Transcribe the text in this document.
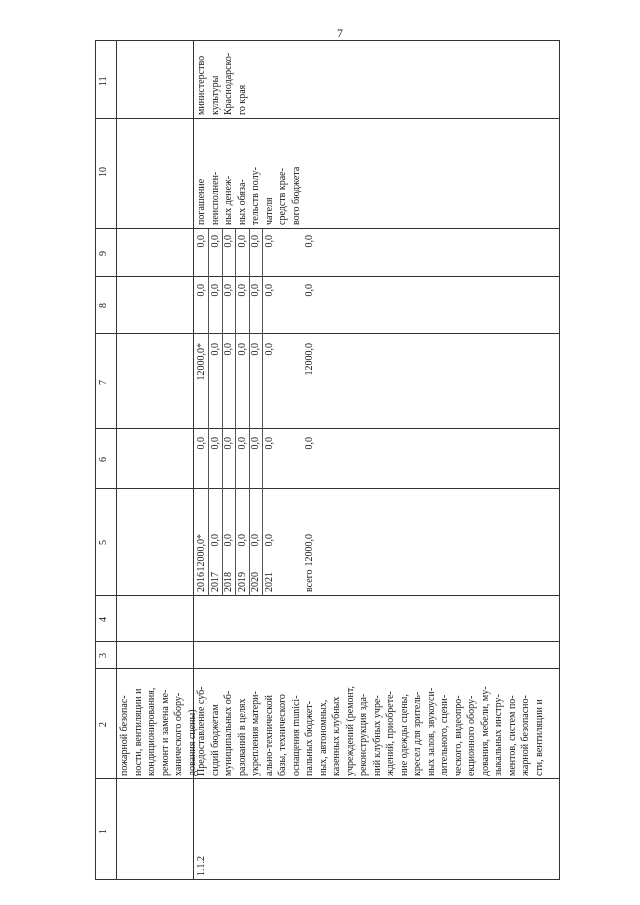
7
1
2
3
4
5
6
7
8
9
10
11
пожарной безопас- ности, вентиляции и кондиционирования, ремонт и замена ме- ханического обору- дования сцены)
1.1.2
Предоставление суб- сидий бюджетам муниципальных об- разований в целях укрепления матери- ально-технической базы, технического оснащения munici- пальных бюджет- ных, автономных, казенных клубных учреждений (ремонт, реконструкция зда- ний клубных учре- ждений, приобрете- ние одежды сцены, кресел для зритель- ных залов, звукоуси- лительного, сцени- ческого, видеопро- екционного обору- дования, мебели, му- зыкальных инстру- ментов, систем по- жарной безопасно- сти, вентиляции и
2016 2017 2018 2019 2020 2021
12000,0* 0,0 0,0 0,0 0,0 0,0
0,0 0,0 0,0 0,0 0,0 0,0
12000,0* 0,0 0,0 0,0 0,0 0,0
0,0 0,0 0,0 0,0 0,0 0,0
0,0 0,0 0,0 0,0 0,0 0,0
всего
12000,0
0,0
12000,0
0,0
0,0
погашение неисполнен- ных денеж- ных обяза- тельств полу- чателя средств крае- вого бюджета
министерство культуры Краснодарско- го края
